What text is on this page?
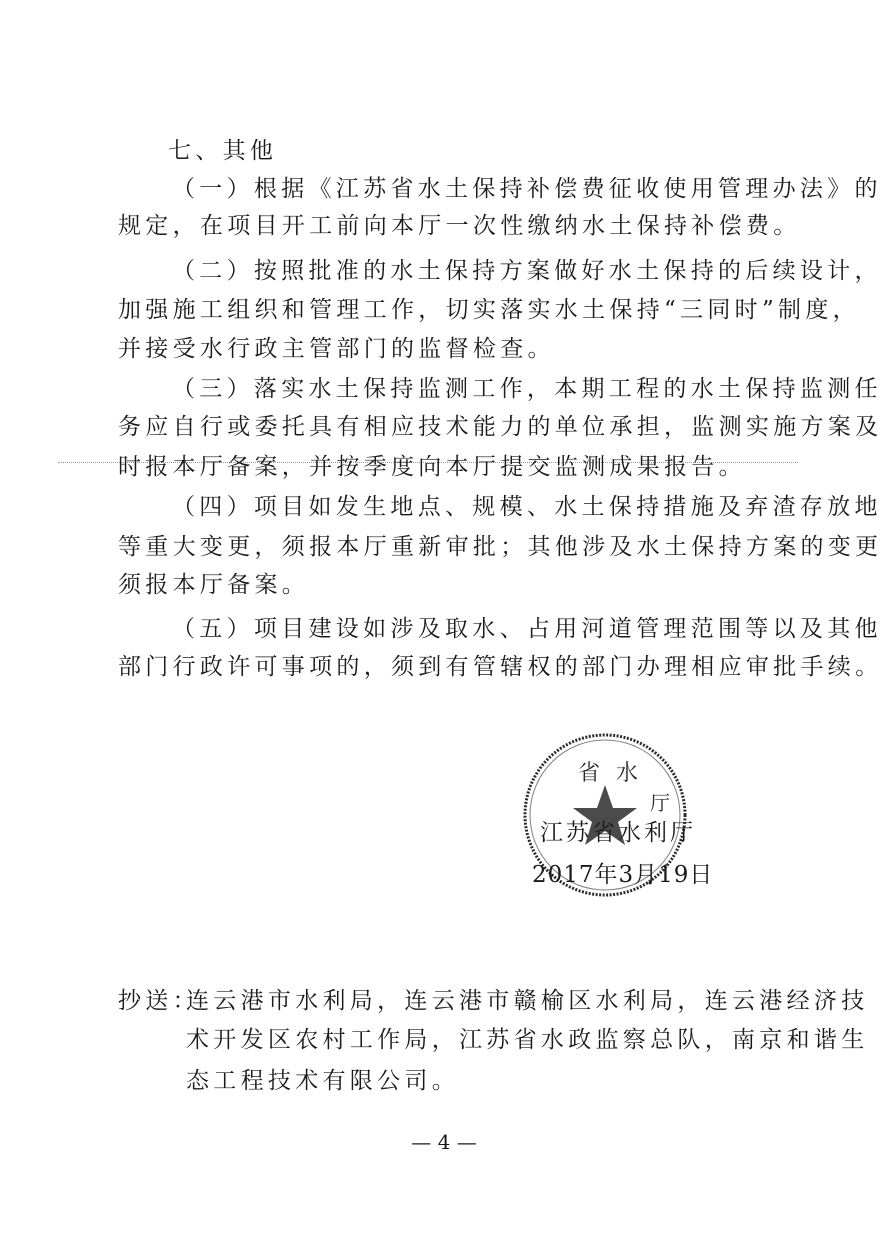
七、其他
（一）根据《江苏省水土保持补偿费征收使用管理办法》的
规定，在项目开工前向本厅一次性缴纳水土保持补偿费。
（二）按照批准的水土保持方案做好水土保持的后续设计，
加强施工组织和管理工作，切实落实水土保持“三同时”制度，
并接受水行政主管部门的监督检查。
（三）落实水土保持监测工作，本期工程的水土保持监测任
务应自行或委托具有相应技术能力的单位承担，监测实施方案及
时报本厅备案，并按季度向本厅提交监测成果报告。
（四）项目如发生地点、规模、水土保持措施及弃渣存放地
等重大变更，须报本厅重新审批；其他涉及水土保持方案的变更
须报本厅备案。
（五）项目建设如涉及取水、占用河道管理范围等以及其他
部门行政许可事项的，须到有管辖权的部门办理相应审批手续。
省 水
厅
江苏省水利厅
2017年3月19日
抄送：
连云港市水利局，连云港市赣榆区水利局，连云港经济技
术开发区农村工作局，江苏省水政监察总队，南京和谐生
态工程技术有限公司。
— 4 —
